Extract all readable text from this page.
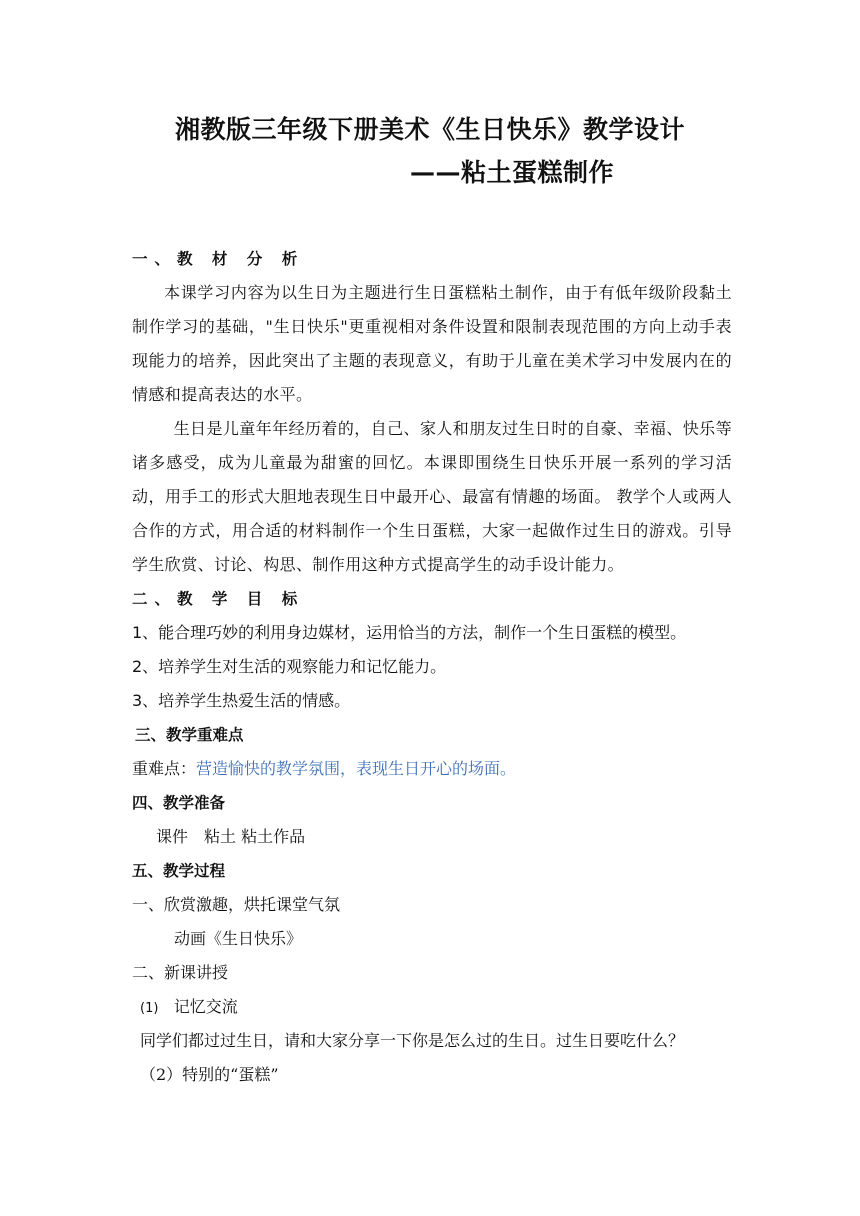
湘教版三年级下册美术《生日快乐》教学设计
——粘土蛋糕制作
一、教 材 分 析
本课学习内容为以生日为主题进行生日蛋糕粘土制作，由于有低年级阶段黏土制作学习的基础，"生日快乐"更重视相对条件设置和限制表现范围的方向上动手表现能力的培养，因此突出了主题的表现意义，有助于儿童在美术学习中发展内在的情感和提高表达的水平。
生日是儿童年年经历着的，自己、家人和朋友过生日时的自豪、幸福、快乐等诸多感受，成为儿童最为甜蜜的回忆。本课即围绕生日快乐开展一系列的学习活动，用手工的形式大胆地表现生日中最开心、最富有情趣的场面。 教学个人或两人合作的方式，用合适的材料制作一个生日蛋糕，大家一起做作过生日的游戏。引导学生欣赏、讨论、构思、制作用这种方式提高学生的动手设计能力。
二、教 学 目 标
1、能合理巧妙的利用身边媒材，运用恰当的方法，制作一个生日蛋糕的模型。
2、培养学生对生活的观察能力和记忆能力。
3、培养学生热爱生活的情感。
三、教学重难点
重难点：营造愉快的教学氛围，表现生日开心的场面。
四、教学准备
课件　粘土 粘土作品
五、教学过程
一、欣赏激趣，烘托课堂气氛
动画《生日快乐》
二、新课讲授
(1) 记忆交流
同学们都过过生日，请和大家分享一下你是怎么过的生日。过生日要吃什么？
（2）特别的“蛋糕”
